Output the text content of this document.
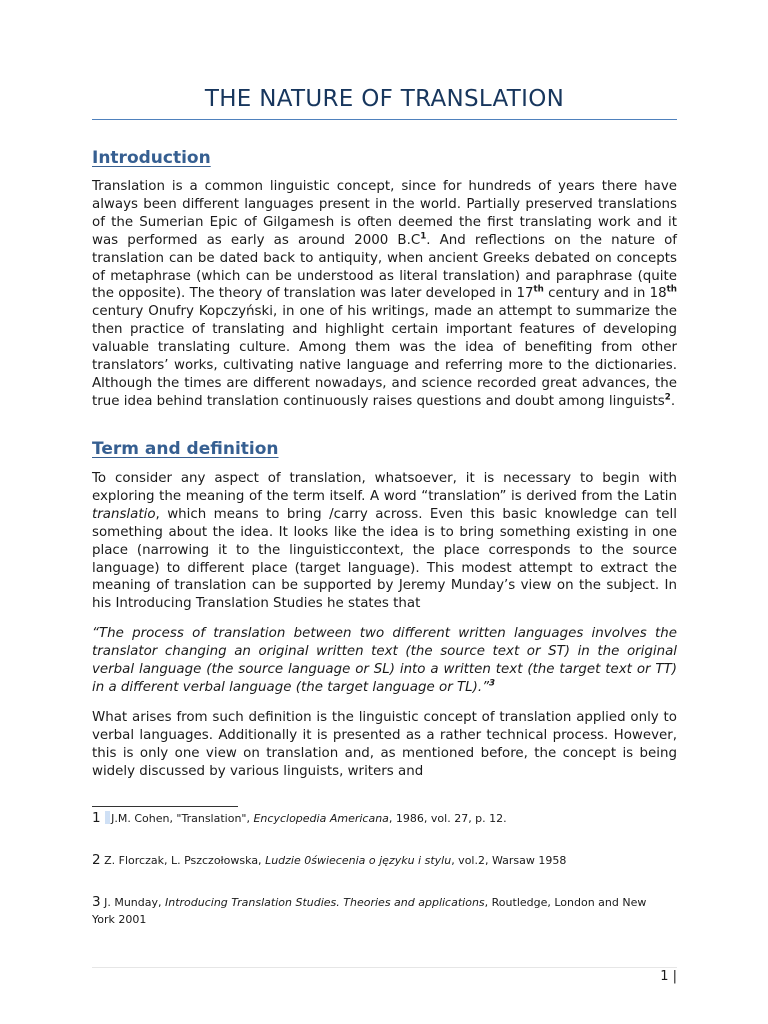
THE NATURE OF TRANSLATION
Introduction

Translation is a common linguistic concept, since for hundreds of years there have always been different languages present in the world. Partially preserved translations of the Sumerian Epic of Gilgamesh is often deemed the first translating work and it was performed as early as around 2000 $B.C^1$. And reflections on the nature of translation can be dated back to antiquity, when ancient Greeks debated on concepts of metaphrase (which can be understood as literal translation) and paraphrase (quite the opposite). The theory of translation was later developed in 17th century and in 18th century Onufry Kopczyński, in one of his writings, made an attempt to summarize the then practice of translating and highlight certain important features of developing valuable translating culture. Among them was the idea of benefiting from other translators’ works, cultivating native language and referring more to the dictionaries. Although the times are different nowadays, and science recorded great advances, the true idea behind translation continuously raises questions and doubt among linguists$^2$.

Term and definition

To consider any aspect of translation, whatsoever, it is necessary to begin with exploring the meaning of the term itself. A word “translation” is derived from the Latin translatio, which means to bring /carry across. Even this basic knowledge can tell something about the idea. It looks like the idea is to bring something existing in one place (narrowing it to the linguisticcontext, the place corresponds to the source language) to different place (target language). This modest attempt to extract the meaning of translation can be supported by Jeremy Munday’s view on the subject. In his Introducing Translation Studies he states that

“The process of translation between two different written languages involves the translator changing an original written text (the source text or ST) in the original verbal language (the source language or SL) into a written text (the target text or TT) in a different verbal language (the target language or TL).”$^3$

What arises from such definition is the linguistic concept of translation applied only to verbal languages. Additionally it is presented as a rather technical process. However, this is only one view on translation and, as mentioned before, the concept is being widely discussed by various linguists, writers and

1 J.M. Cohen, "Translation", Encyclopedia Americana, 1986, vol. 27, p. 12.

2 Z. Florczak, L. Pszczołowska, Ludzie 0świecenia o języku i stylu, vol.2, Warsaw 1958

3 J. Munday, Introducing Translation Studies. Theories and applications, Routledge, London and New York 2001

1 |
